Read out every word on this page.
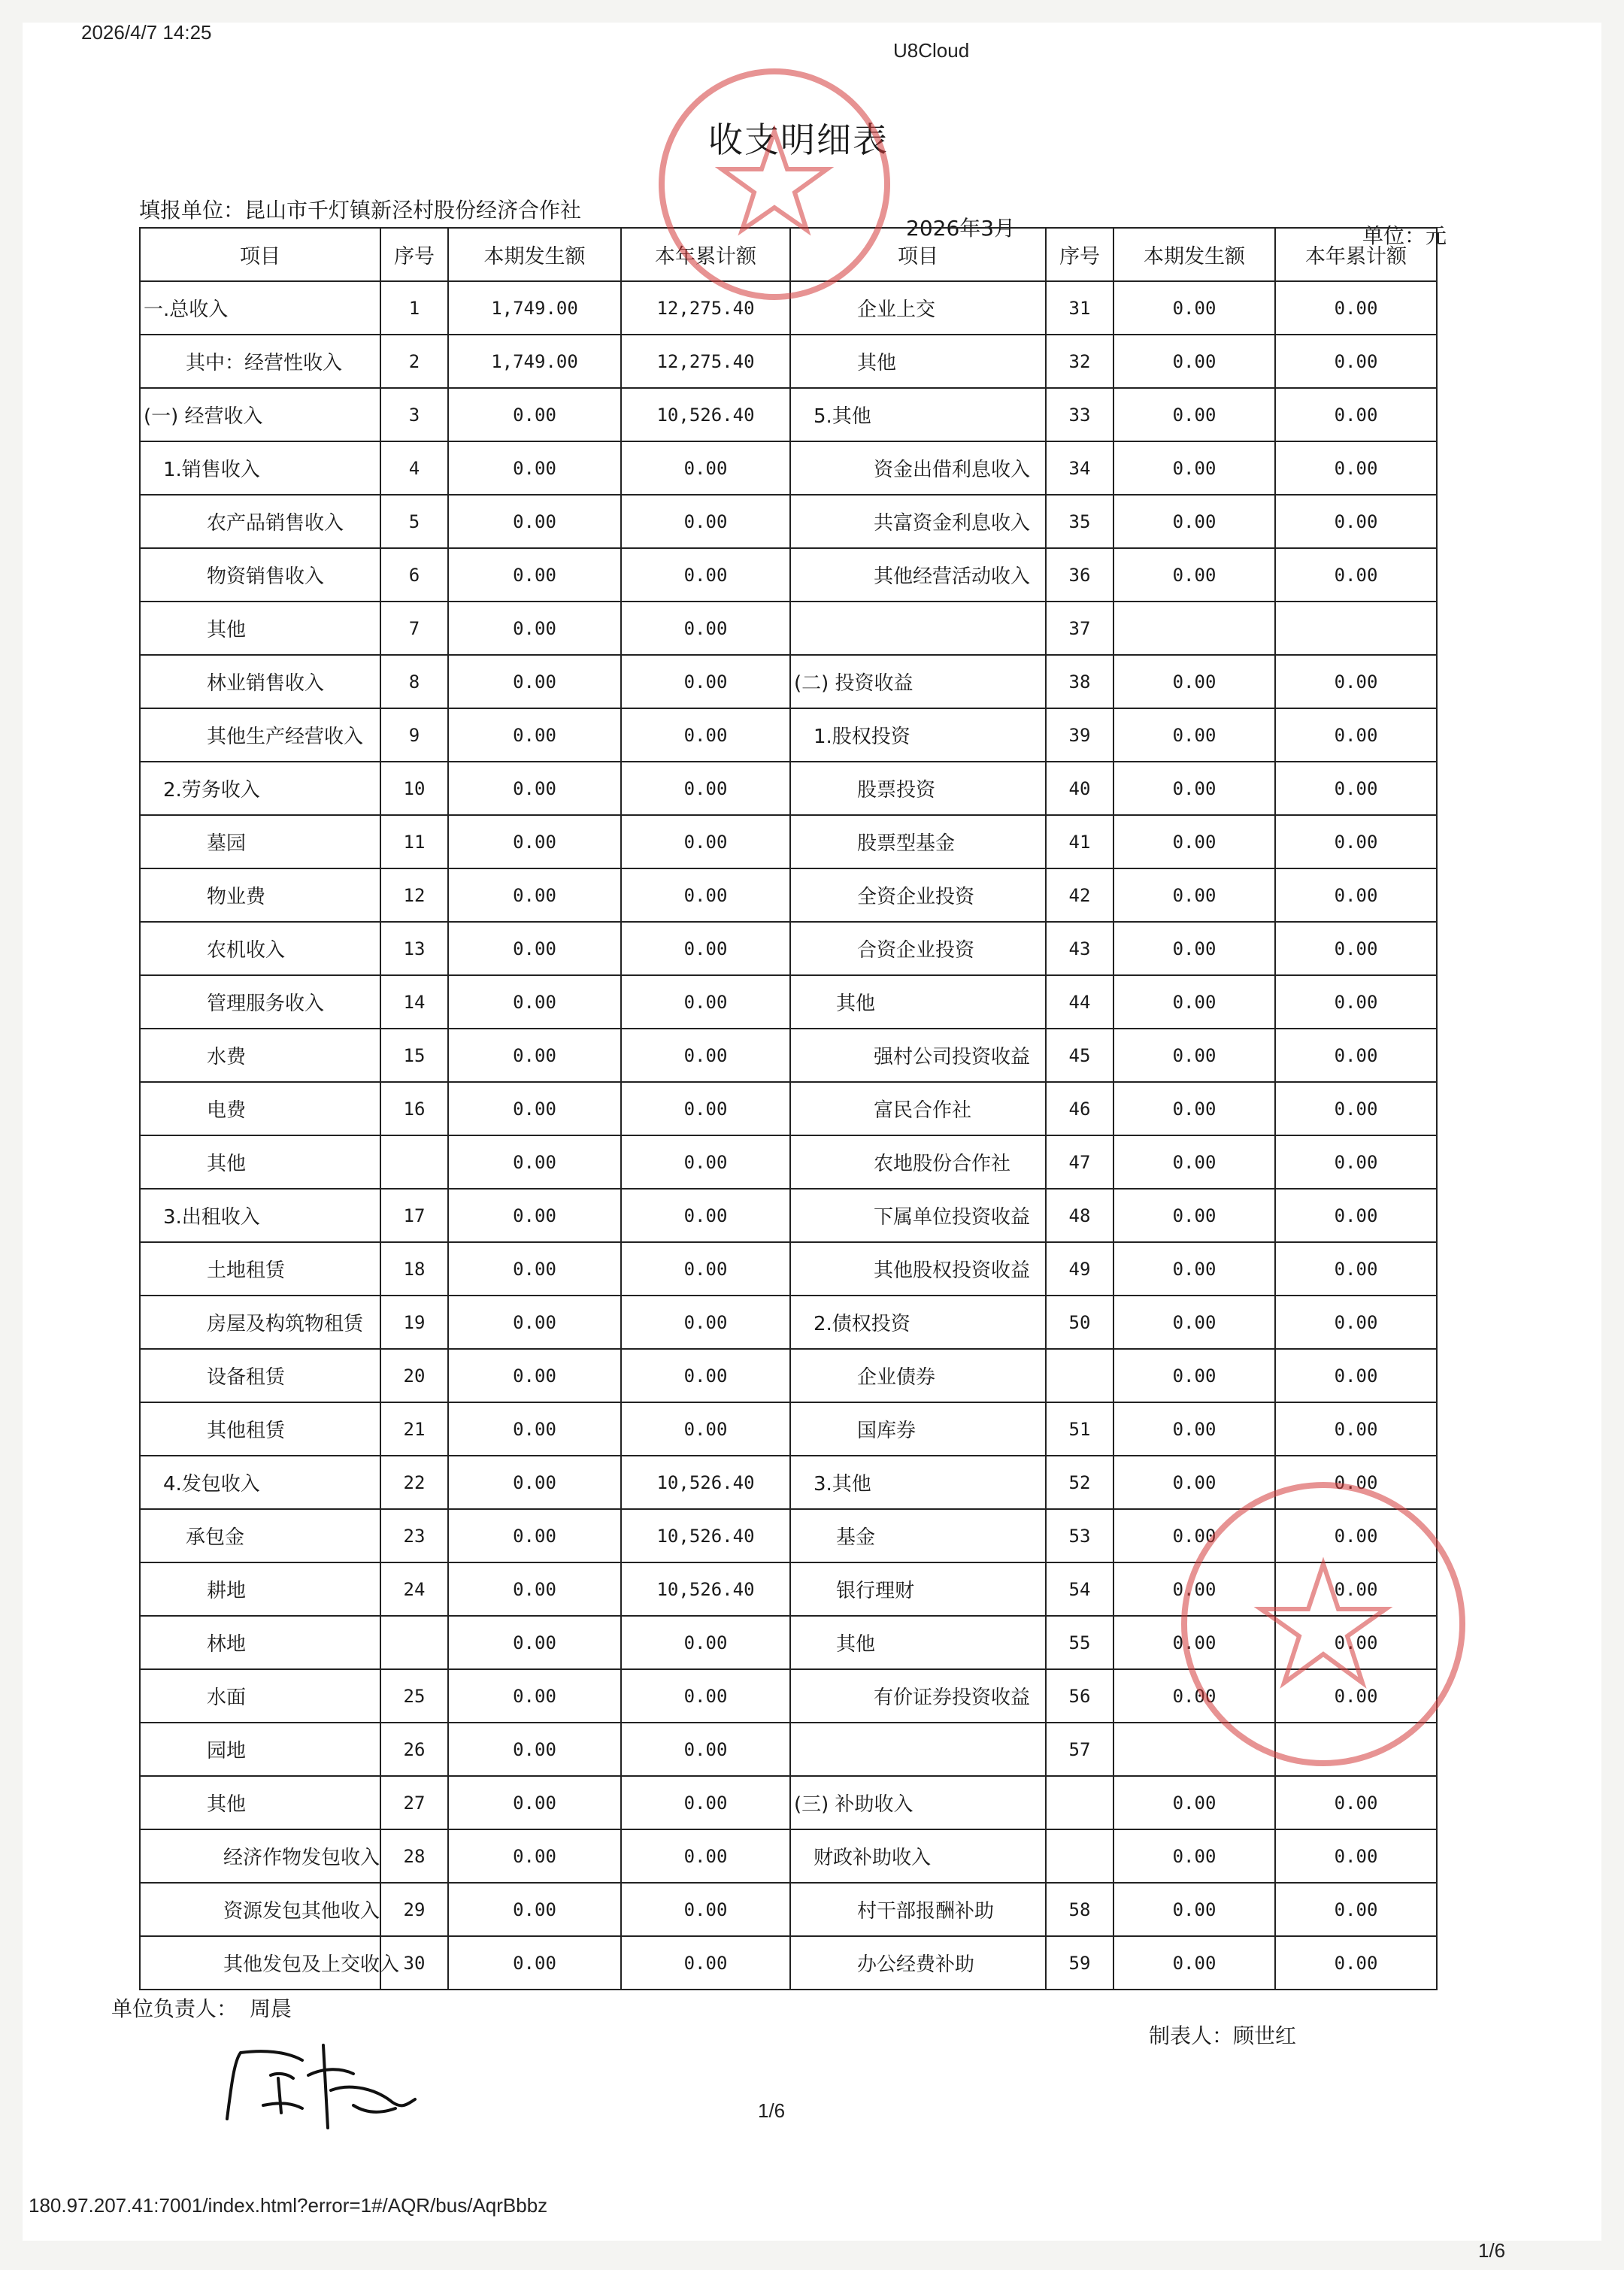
2026/4/7 14:25
U8Cloud
收支明细表
填报单位：昆山市千灯镇新泾村股份经济合作社
2026年3月	单位：元
项目	序号	本期发生额	本年累计额	项目	序号	本期发生额	本年累计额
一.总收入	1	1,749.00	12,275.40	企业上交	31	0.00	0.00
其中：经营性收入	2	1,749.00	12,275.40	其他	32	0.00	0.00
(一) 经营收入	3	0.00	10,526.40	5.其他	33	0.00	0.00
1.销售收入	4	0.00	0.00	资金出借利息收入	34	0.00	0.00
农产品销售收入	5	0.00	0.00	共富资金利息收入	35	0.00	0.00
物资销售收入	6	0.00	0.00	其他经营活动收入	36	0.00	0.00
其他	7	0.00	0.00		37		
林业销售收入	8	0.00	0.00	(二) 投资收益	38	0.00	0.00
其他生产经营收入	9	0.00	0.00	1.股权投资	39	0.00	0.00
2.劳务收入	10	0.00	0.00	股票投资	40	0.00	0.00
墓园	11	0.00	0.00	股票型基金	41	0.00	0.00
物业费	12	0.00	0.00	全资企业投资	42	0.00	0.00
农机收入	13	0.00	0.00	合资企业投资	43	0.00	0.00
管理服务收入	14	0.00	0.00	其他	44	0.00	0.00
水费	15	0.00	0.00	强村公司投资收益	45	0.00	0.00
电费	16	0.00	0.00	富民合作社	46	0.00	0.00
其他		0.00	0.00	农地股份合作社	47	0.00	0.00
3.出租收入	17	0.00	0.00	下属单位投资收益	48	0.00	0.00
土地租赁	18	0.00	0.00	其他股权投资收益	49	0.00	0.00
房屋及构筑物租赁	19	0.00	0.00	2.债权投资	50	0.00	0.00
设备租赁	20	0.00	0.00	企业债券		0.00	0.00
其他租赁	21	0.00	0.00	国库券	51	0.00	0.00
4.发包收入	22	0.00	10,526.40	3.其他	52	0.00	0.00
承包金	23	0.00	10,526.40	基金	53	0.00	0.00
耕地	24	0.00	10,526.40	银行理财	54	0.00	0.00
林地		0.00	0.00	其他	55	0.00	0.00
水面	25	0.00	0.00	有价证券投资收益	56	0.00	0.00
园地	26	0.00	0.00		57		
其他	27	0.00	0.00	(三) 补助收入		0.00	0.00
经济作物发包收入	28	0.00	0.00	财政补助收入		0.00	0.00
资源发包其他收入	29	0.00	0.00	村干部报酬补助	58	0.00	0.00
其他发包及上交收入	30	0.00	0.00	办公经费补助	59	0.00	0.00
单位负责人： 周晨
制表人：顾世红
1/6
180.97.207.41:7001/index.html?error=1#/AQR/bus/AqrBbbz
1/6
